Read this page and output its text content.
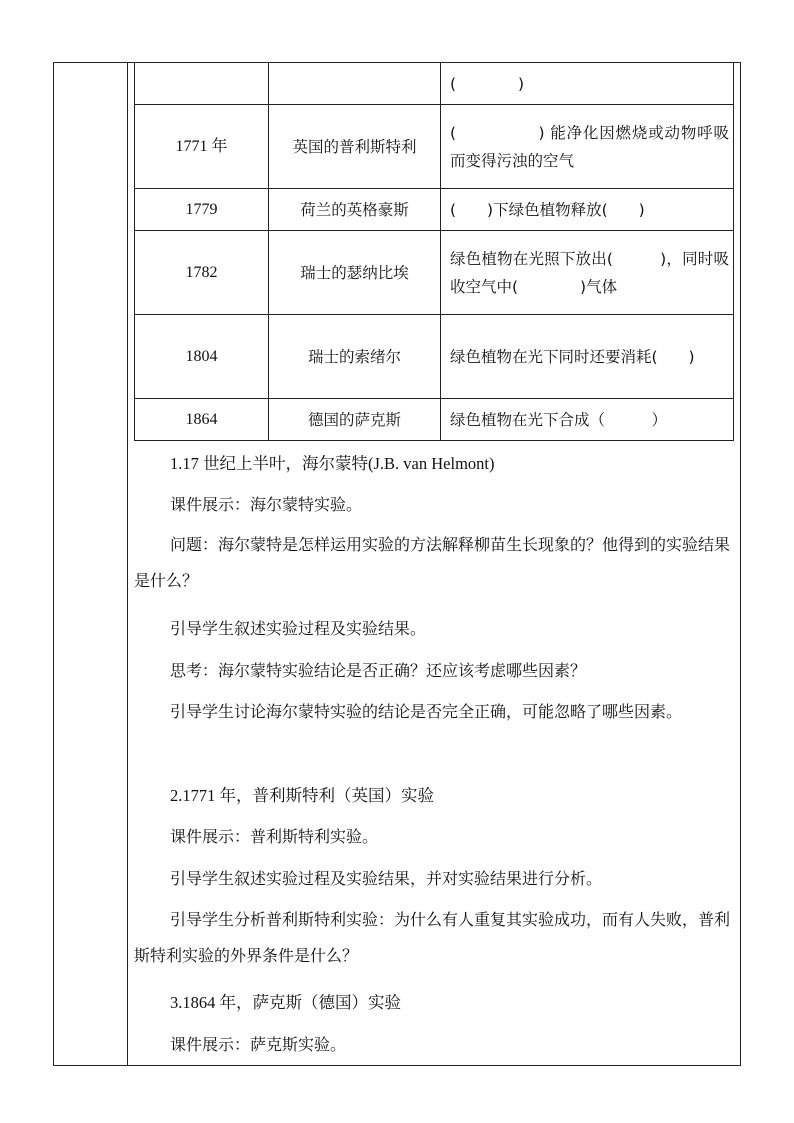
		(　　　　)
1771 年	英国的普利斯特利	(　　　　　) 能净化因燃烧或动物呼吸而变得污浊的空气
1779	荷兰的英格豪斯	(　　)下绿色植物释放(　　)
1782	瑞士的瑟纳比埃	绿色植物在光照下放出(　　　)，同时吸收空气中(　　　　)气体
1804	瑞士的索绪尔	绿色植物在光下同时还要消耗(　　)
1864	德国的萨克斯	绿色植物在光下合成（　　　）
1.17 世纪上半叶，海尔蒙特(J.B. van Helmont)
课件展示：海尔蒙特实验。
问题：海尔蒙特是怎样运用实验的方法解释柳苗生长现象的？他得到的实验结果是什么？
引导学生叙述实验过程及实验结果。
思考：海尔蒙特实验结论是否正确？还应该考虑哪些因素？
引导学生讨论海尔蒙特实验的结论是否完全正确，可能忽略了哪些因素。
2.1771 年，普利斯特利（英国）实验
课件展示：普利斯特利实验。
引导学生叙述实验过程及实验结果，并对实验结果进行分析。
引导学生分析普利斯特利实验：为什么有人重复其实验成功，而有人失败，普利斯特利实验的外界条件是什么？
3.1864 年，萨克斯（德国）实验
课件展示：萨克斯实验。
